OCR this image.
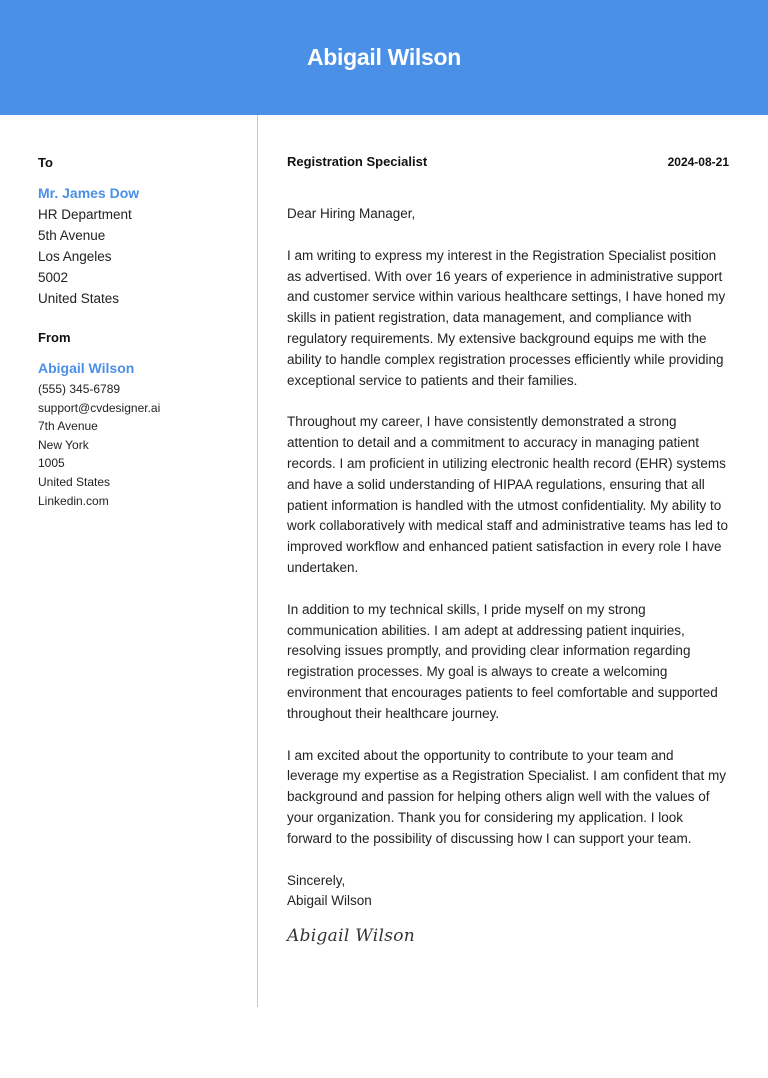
Abigail Wilson
To
Mr. James Dow
HR Department
5th Avenue
Los Angeles
5002
United States
From
Abigail Wilson
(555) 345-6789
support@cvdesigner.ai
7th Avenue
New York
1005
United States
Linkedin.com
Registration Specialist	2024-08-21
Dear Hiring Manager,

I am writing to express my interest in the Registration Specialist position as advertised. With over 16 years of experience in administrative support and customer service within various healthcare settings, I have honed my skills in patient registration, data management, and compliance with regulatory requirements. My extensive background equips me with the ability to handle complex registration processes efficiently while providing exceptional service to patients and their families.

Throughout my career, I have consistently demonstrated a strong attention to detail and a commitment to accuracy in managing patient records. I am proficient in utilizing electronic health record (EHR) systems and have a solid understanding of HIPAA regulations, ensuring that all patient information is handled with the utmost confidentiality. My ability to work collaboratively with medical staff and administrative teams has led to improved workflow and enhanced patient satisfaction in every role I have undertaken.

In addition to my technical skills, I pride myself on my strong communication abilities. I am adept at addressing patient inquiries, resolving issues promptly, and providing clear information regarding registration processes. My goal is always to create a welcoming environment that encourages patients to feel comfortable and supported throughout their healthcare journey.

I am excited about the opportunity to contribute to your team and leverage my expertise as a Registration Specialist. I am confident that my background and passion for helping others align well with the values of your organization. Thank you for considering my application. I look forward to the possibility of discussing how I can support your team.

Sincerely,
Abigail Wilson
Abigail Wilson
